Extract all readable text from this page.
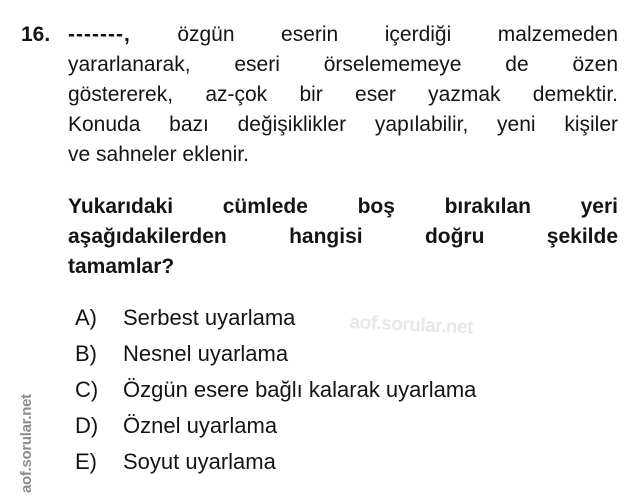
16. -------, özgün eserin içerdiği malzemeden
yararlanarak, eseri örselememeye de özen
göstererek, az-çok bir eser yazmak demektir.
Konuda bazı değişiklikler yapılabilir, yeni kişiler
ve sahneler eklenir.
Yukarıdaki cümlede boş bırakılan yeri
aşağıdakilerden hangisi doğru şekilde
tamamlar?
A)	Serbest uyarlama
B)	Nesnel uyarlama
C)	Özgün esere bağlı kalarak uyarlama
D)	Öznel uyarlama
E)	Soyut uyarlama
aof.sorular.net
aof.sorular.net
